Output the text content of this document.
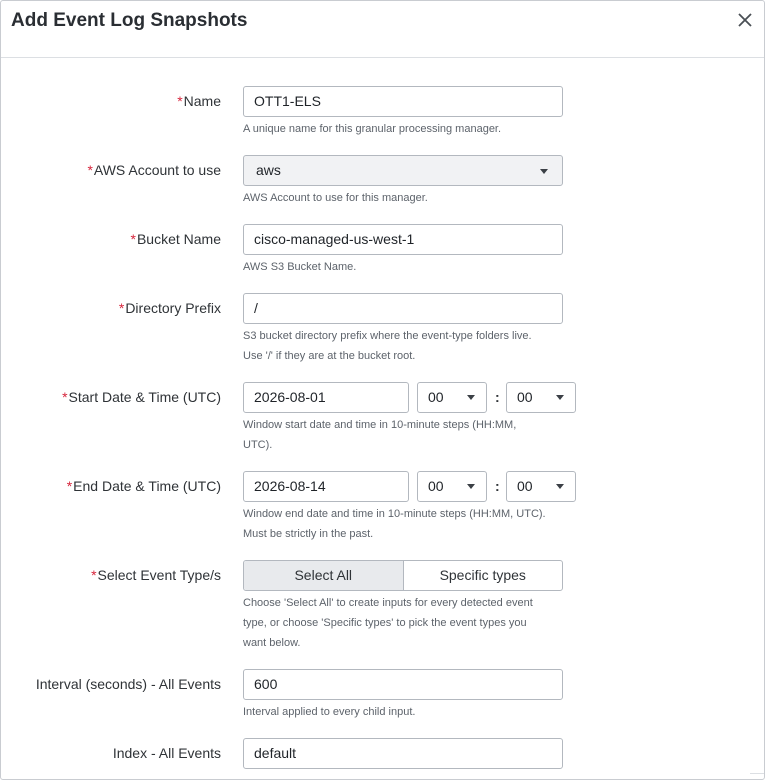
Add Event Log Snapshots
*Name	OTT1-ELS
A unique name for this granular processing manager.
*AWS Account to use	aws
AWS Account to use for this manager.
*Bucket Name	cisco-managed-us-west-1
AWS S3 Bucket Name.
*Directory Prefix	/
S3 bucket directory prefix where the event-type folders live.
Use '/' if they are at the bucket root.
*Start Date & Time (UTC)	2026-08-01	00	:	00
Window start date and time in 10-minute steps (HH:MM,
UTC).
*End Date & Time (UTC)	2026-08-14	00	:	00
Window end date and time in 10-minute steps (HH:MM, UTC).
Must be strictly in the past.
*Select Event Type/s	Select All	Specific types
Choose 'Select All' to create inputs for every detected event
type, or choose 'Specific types' to pick the event types you
want below.
Interval (seconds) - All Events	600
Interval applied to every child input.
Index - All Events	default
